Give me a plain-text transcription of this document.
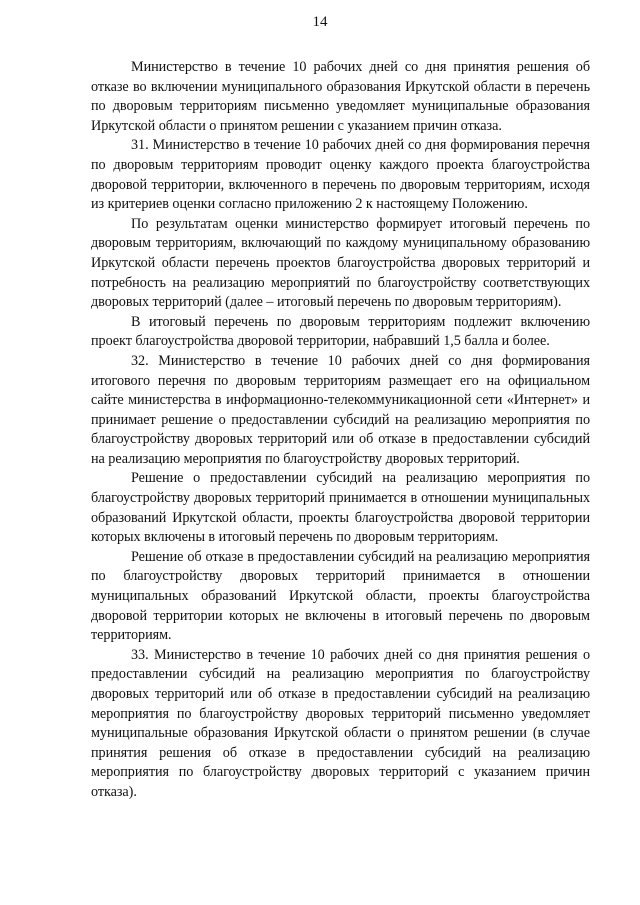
14

Министерство в течение 10 рабочих дней со дня принятия решения об отказе во включении муниципального образования Иркутской области в перечень по дворовым территориям письменно уведомляет муниципальные образования Иркутской области о принятом решении с указанием причин отказа.

31. Министерство в течение 10 рабочих дней со дня формирования перечня по дворовым территориям проводит оценку каждого проекта благоустройства дворовой территории, включенного в перечень по дворовым территориям, исходя из критериев оценки согласно приложению 2 к настоящему Положению.

По результатам оценки министерство формирует итоговый перечень по дворовым территориям, включающий по каждому муниципальному образованию Иркутской области перечень проектов благоустройства дворовых территорий и потребность на реализацию мероприятий по благоустройству соответствующих дворовых территорий (далее – итоговый перечень по дворовым территориям).

В итоговый перечень по дворовым территориям подлежит включению проект благоустройства дворовой территории, набравший 1,5 балла и более.

32. Министерство в течение 10 рабочих дней со дня формирования итогового перечня по дворовым территориям размещает его на официальном сайте министерства в информационно-телекоммуникационной сети «Интернет» и принимает решение о предоставлении субсидий на реализацию мероприятия по благоустройству дворовых территорий или об отказе в предоставлении субсидий на реализацию мероприятия по благоустройству дворовых территорий.

Решение о предоставлении субсидий на реализацию мероприятия по благоустройству дворовых территорий принимается в отношении муниципальных образований Иркутской области, проекты благоустройства дворовой территории которых включены в итоговый перечень по дворовым территориям.

Решение об отказе в предоставлении субсидий на реализацию мероприятия по благоустройству дворовых территорий принимается в отношении муниципальных образований Иркутской области, проекты благоустройства дворовой территории которых не включены в итоговый перечень по дворовым территориям.

33. Министерство в течение 10 рабочих дней со дня принятия решения о предоставлении субсидий на реализацию мероприятия по благоустройству дворовых территорий или об отказе в предоставлении субсидий на реализацию мероприятия по благоустройству дворовых территорий письменно уведомляет муниципальные образования Иркутской области о принятом решении (в случае принятия решения об отказе в предоставлении субсидий на реализацию мероприятия по благоустройству дворовых территорий с указанием причин отказа).
